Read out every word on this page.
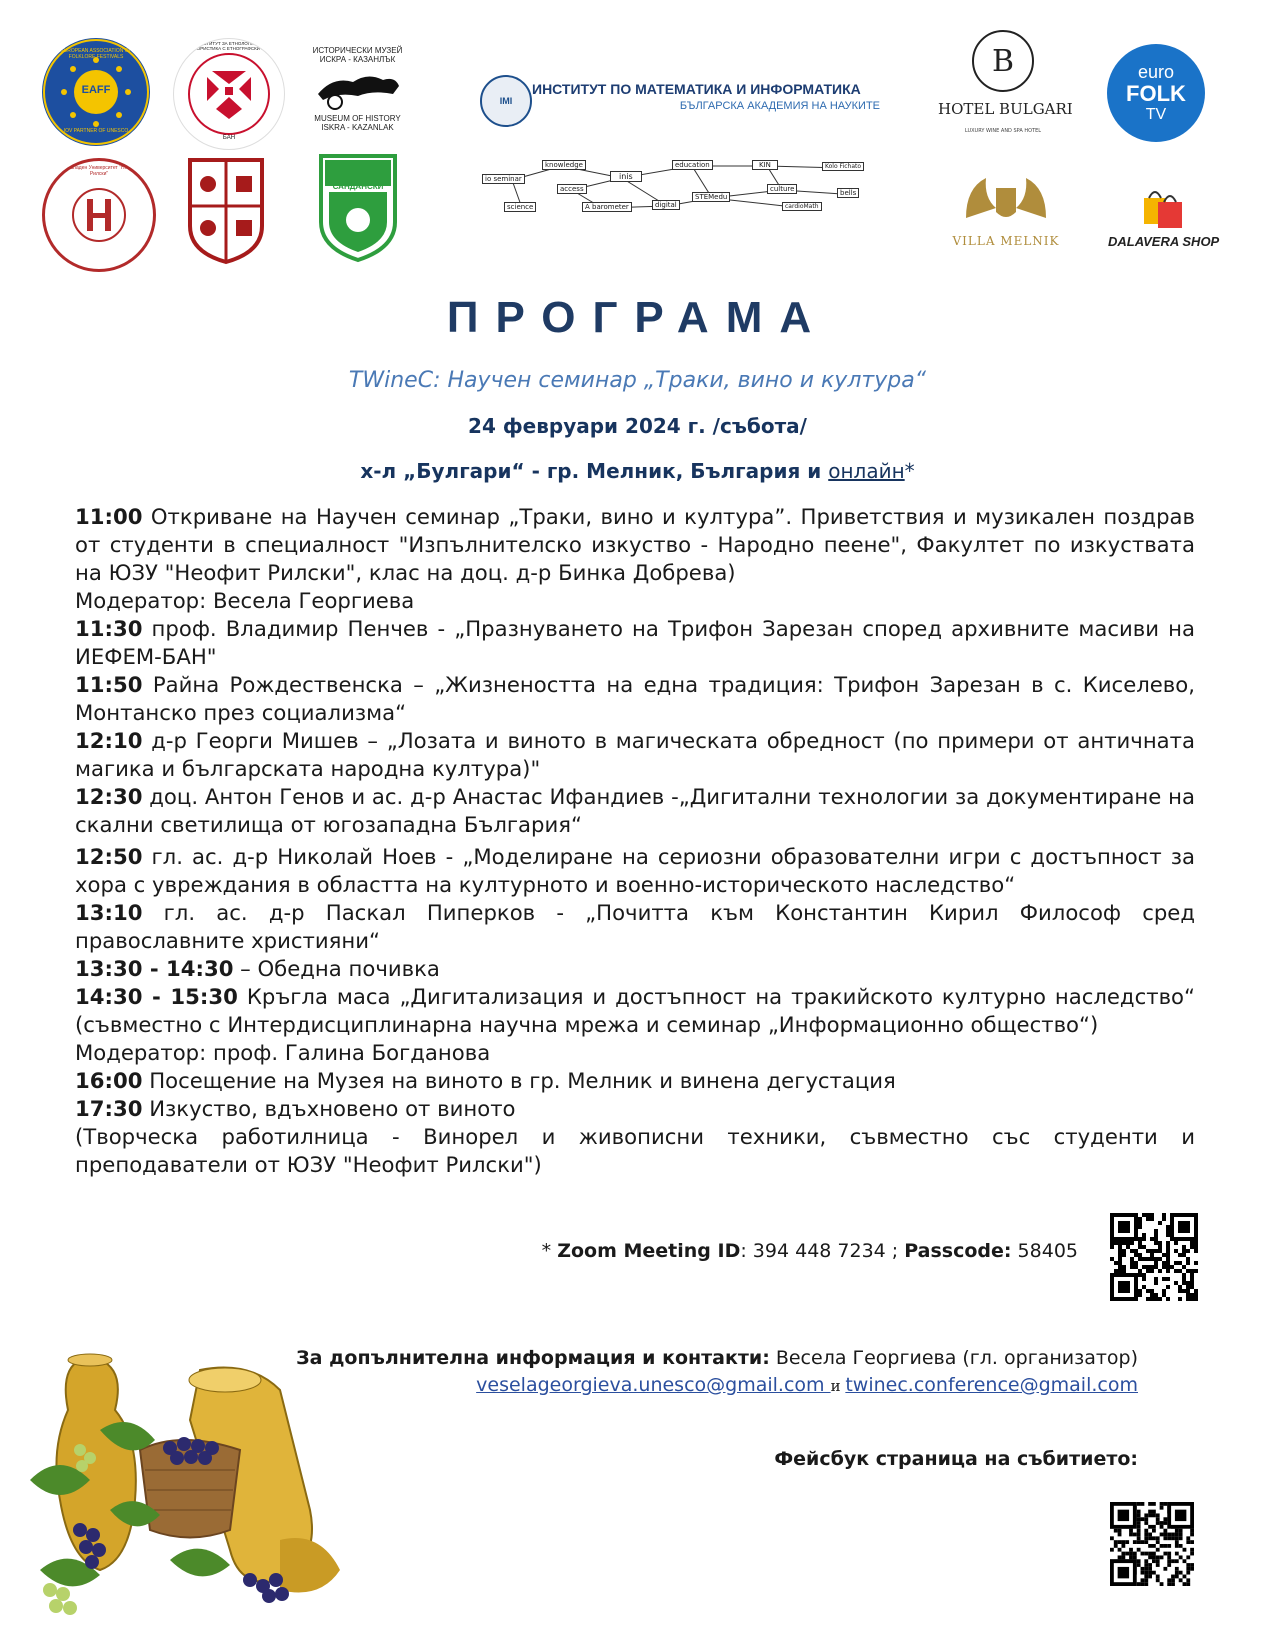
EAFF
EUROPEAN ASSOCIATION OF FOLKLORE FESTIVALS
IOV PARTNER OF UNESCO
ИНСТИТУТ ЗА ЕТНОЛОГИЯ И ФОЛКЛОРИСТИКА С ЕТНОГРАФСКИ МУЗЕЙ
БАН
ИСТОРИЧЕСКИ МУЗЕЙ
ИСКРА - КАЗАНЛЪК
MUSEUM OF HISTORY
ISKRA - KAZANLAK
IMI
ИНСТИТУТ ПО МАТЕМАТИКА И ИНФОРМАТИКА
БЪЛГАРСКА АКАДЕМИЯ НА НАУКИТЕ
io seminar
knowledge
inis
education	KIN	Kolo Fichato
access	culture	bells
science	A barometer	digital
STEMedu
cardioMath
B
HOTEL BULGARI
LUXURY WINE AND SPA HOTEL
euro
FOLK
TV
Югозападен Университет "Неофит Рилски"
САНДАНСКИ
VILLA MELNIK	DALAVERA SHOP
ПРОГРАМА
TWineC: Научен семинар „Траки, вино и култура“
24 февруари 2024 г. /събота/
х-л „Булгари“ - гр. Мелник, България и онлайн*

11:00 Откриване на Научен семинар „Траки, вино и култура”. Приветствия и музикален поздрав от студенти в специалност "Изпълнителско изкуство - Народно пеене", Факултет по изкуствата на ЮЗУ "Неофит Рилски", клас на доц. д-р Бинка Добрева)

Модератор: Весела Георгиева

11:30 проф. Владимир Пенчев - „Празнуването на Трифон Зарезан според архивните масиви на ИЕФЕМ-БАН"

11:50 Райна Рождественска – „Жизнеността на една традиция: Трифон Зарезан в с. Киселево, Монтанско през социализма“

12:10 д-р Георги Мишев – „Лозата и виното в магическата обредност (по примери от античната магика и българската народна култура)"

12:30 доц. Антон Генов и ас. д-р Анастас Ифандиев -„Дигитални технологии за документиране на скални светилища от югозападна България“

12:50 гл. ас. д-р Николай Ноев - „Моделиране на сериозни образователни игри с достъпност за хора с увреждания в областта на културното и военно-историческото наследство“

13:10 гл. ас. д-р Паскал Пиперков - „Почитта към Константин Кирил Философ сред православните християни“

13:30 - 14:30 – Обедна почивка

14:30 - 15:30 Кръгла маса „Дигитализация и достъпност на тракийското културно наследство“ (съвместно с Интердисциплинарна научна мрежа и семинар „Информационно общество“)

Модератор: проф. Галина Богданова

16:00 Посещение на Музея на виното в гр. Мелник и винена дегустация

17:30 Изкуство, вдъхновено от виното

(Творческа работилница - Винорел и живописни техники, съвместно със студенти и преподаватели от ЮЗУ "Неофит Рилски")

* Zoom Meeting ID: 394 448 7234 ; Passcode: 58405
За допълнителна информация и контакти: Весела Георгиева (гл. организатор)
veselageorgieva.unesco@gmail.com и twinec.conference@gmail.com
Фейсбук страница на събитието:
